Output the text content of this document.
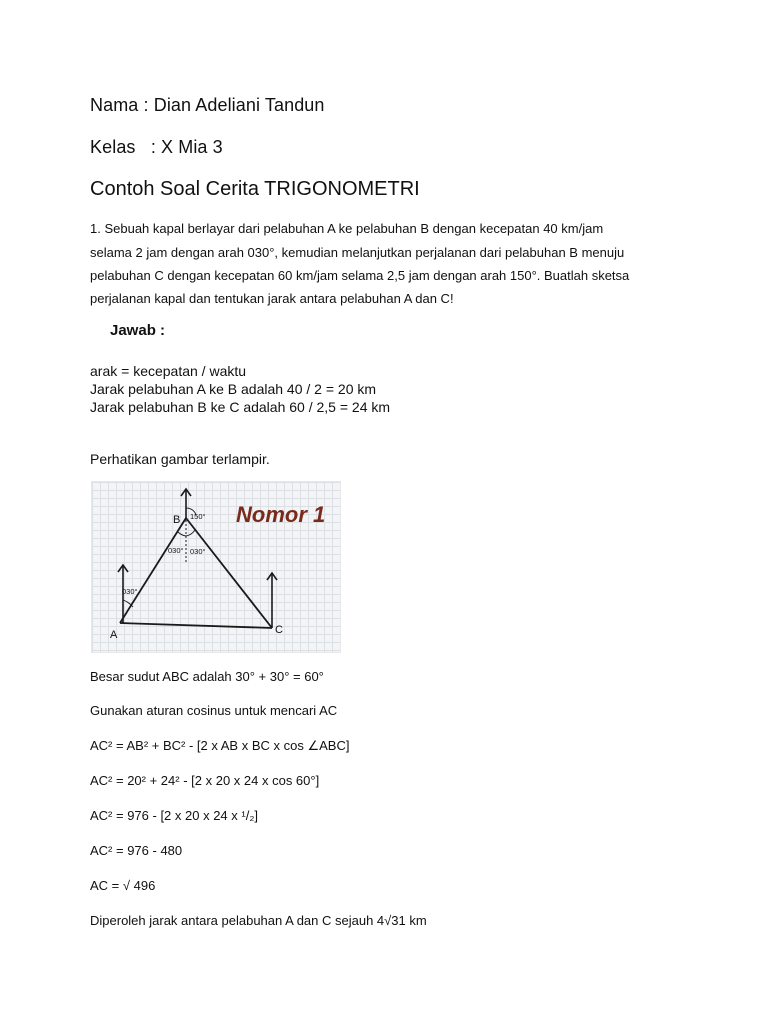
Nama : Dian Adeliani Tandun
Kelas   : X Mia 3
Contoh Soal Cerita TRIGONOMETRI
1. Sebuah kapal berlayar dari pelabuhan A ke pelabuhan B dengan kecepatan 40 km/jam
selama 2 jam dengan arah 030°, kemudian melanjutkan perjalanan dari pelabuhan B menuju
pelabuhan C dengan kecepatan 60 km/jam selama 2,5 jam dengan arah 150°. Buatlah sketsa
perjalanan kapal dan tentukan jarak antara pelabuhan A dan C!
Jawab :
arak = kecepatan / waktu
Jarak pelabuhan A ke B adalah 40 / 2 = 20 km
Jarak pelabuhan B ke C adalah 60 / 2,5 = 24 km
Perhatikan gambar terlampir.
B
A	C
150°
030° 030°
030°
Nomor 1
Besar sudut ABC adalah 30° + 30° = 60°
Gunakan aturan cosinus untuk mencari AC
AC² = AB² + BC² - [2 x AB x BC x cos ∠ABC]
AC² = 20² + 24² - [2 x 20 x 24 x cos 60°]
AC² = 976 - [2 x 20 x 24 x ¹/₂]
AC² = 976 - 480
AC = √ 496
Diperoleh jarak antara pelabuhan A dan C sejauh 4√31 km
